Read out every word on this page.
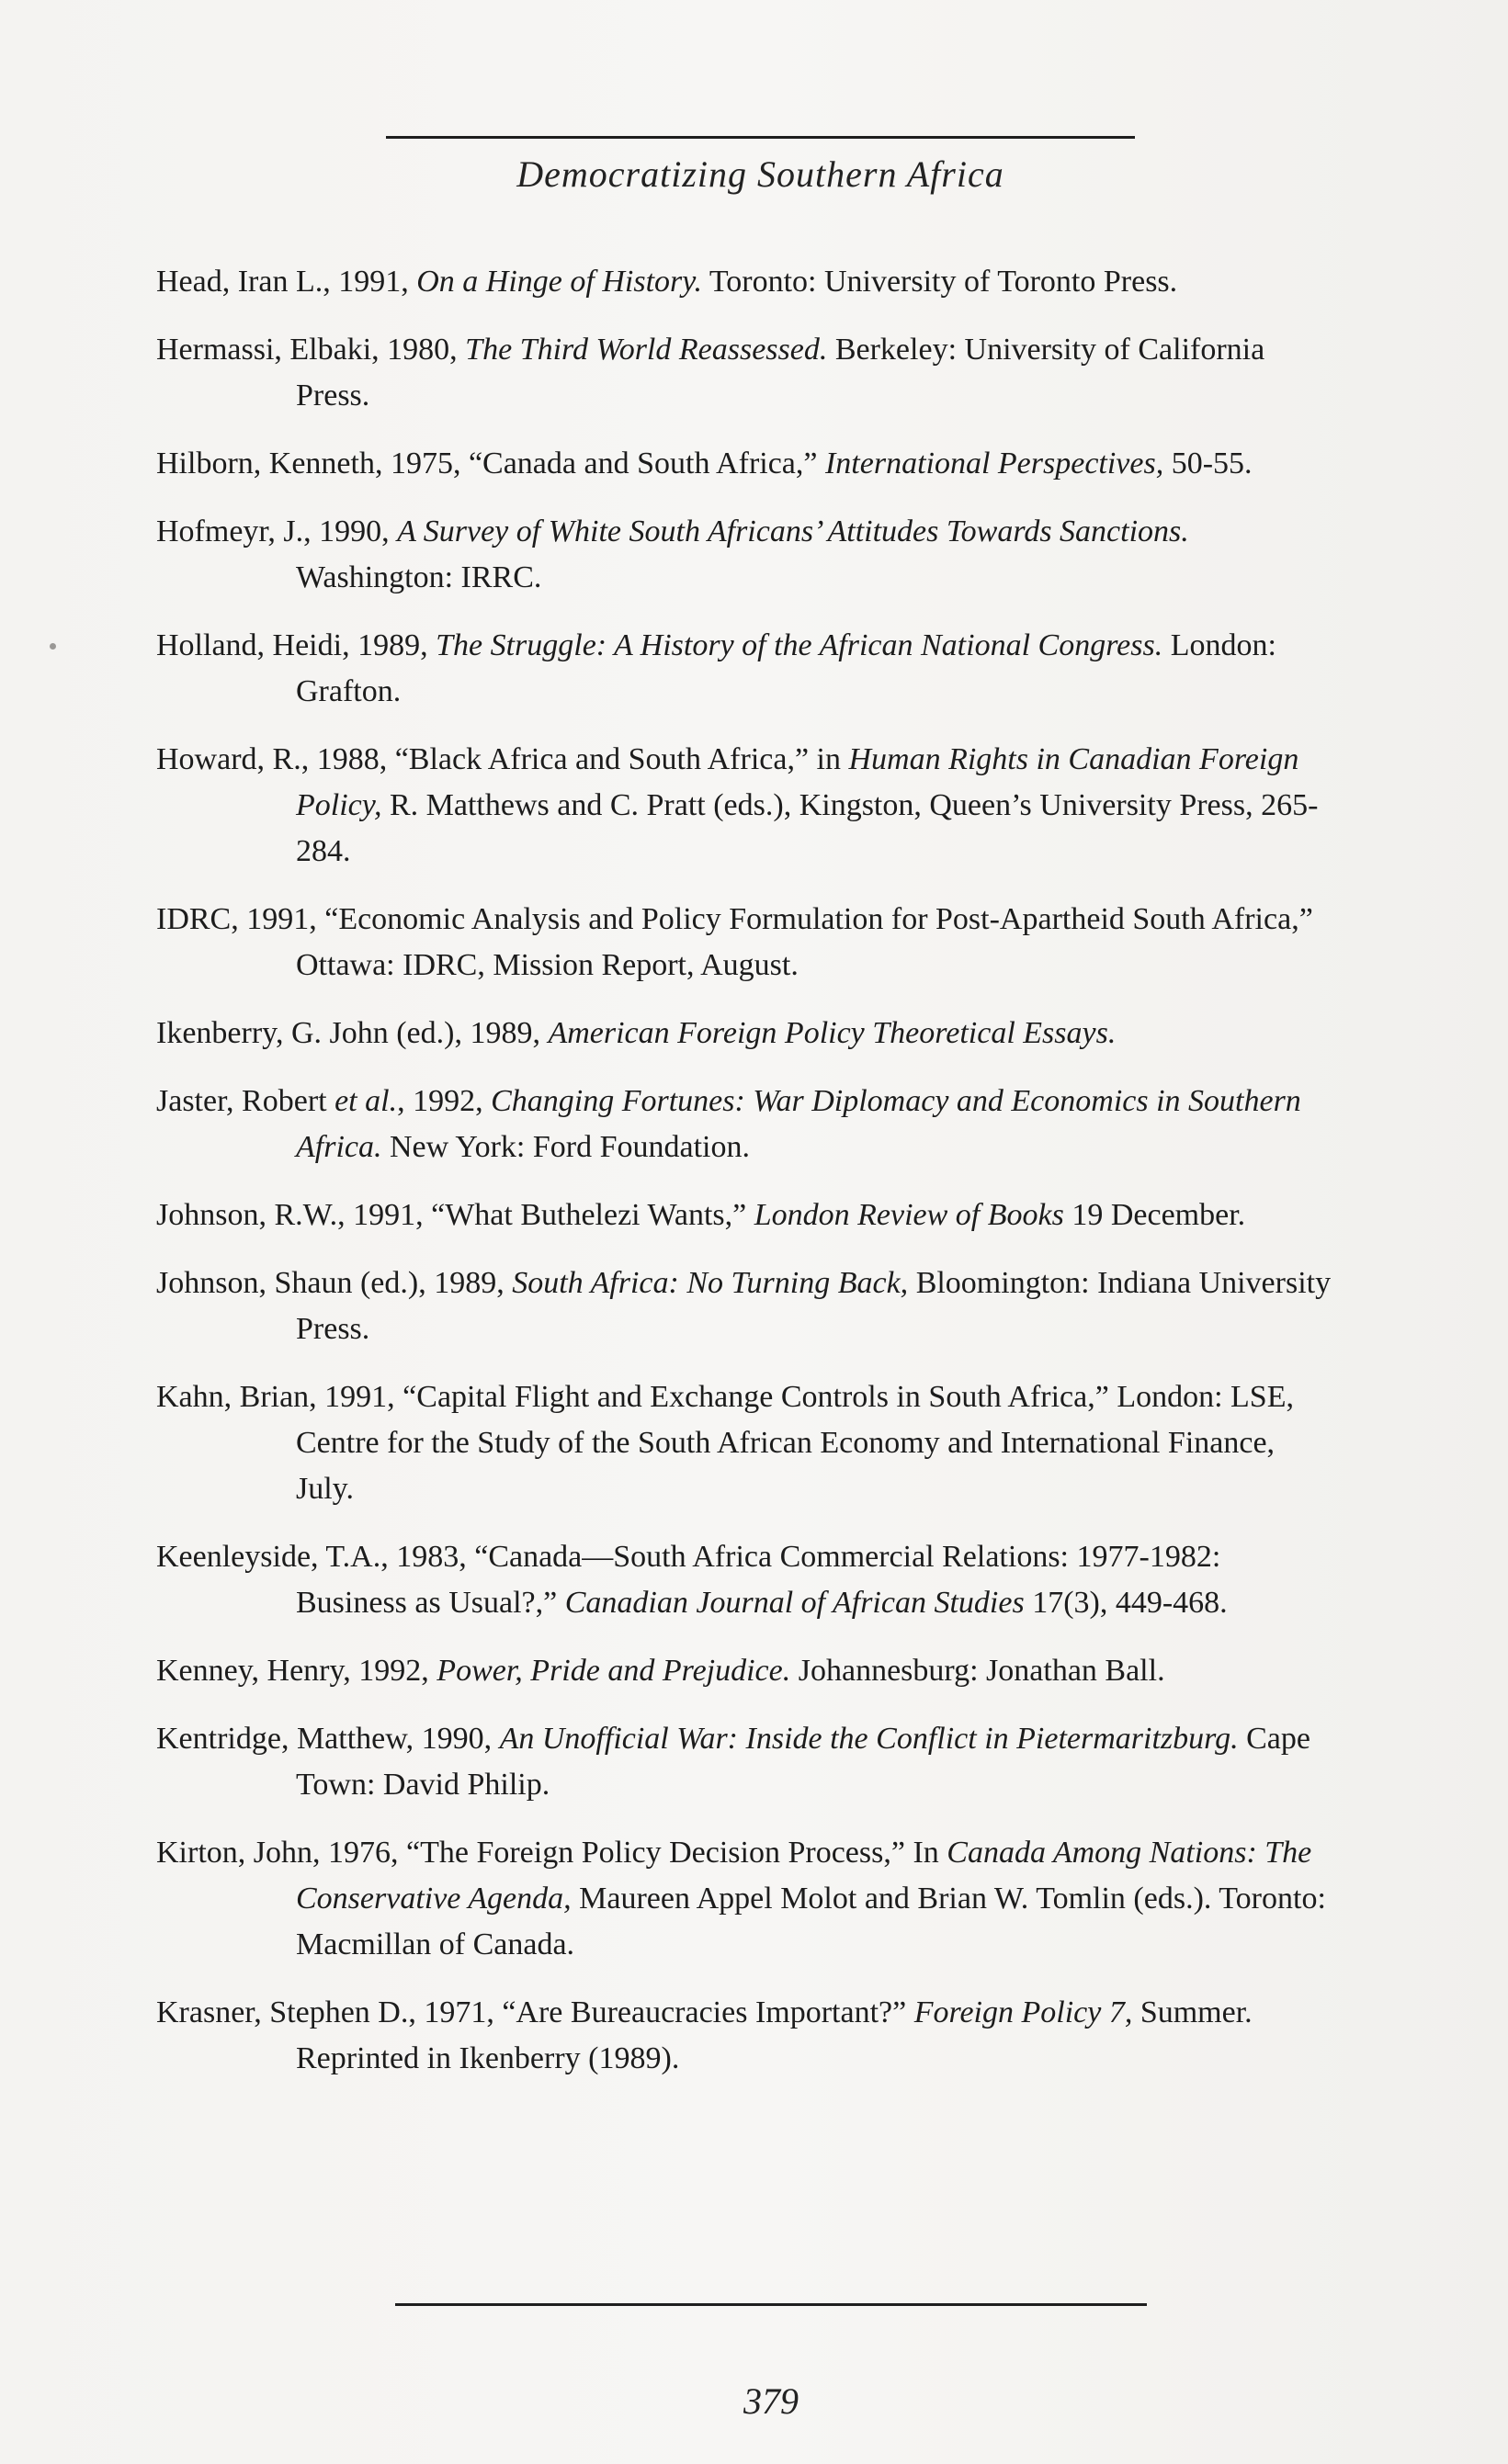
Democratizing Southern Africa
Head, Iran L., 1991, On a Hinge of History. Toronto: University of Toronto Press.
Hermassi, Elbaki, 1980, The Third World Reassessed. Berkeley: University of California Press.
Hilborn, Kenneth, 1975, “Canada and South Africa,” International Perspectives, 50-55.
Hofmeyr, J., 1990, A Survey of White South Africans’ Attitudes Towards Sanctions. Washington: IRRC.
Holland, Heidi, 1989, The Struggle: A History of the African National Congress. London: Grafton.
Howard, R., 1988, “Black Africa and South Africa,” in Human Rights in Canadian Foreign Policy, R. Matthews and C. Pratt (eds.), Kingston, Queen’s University Press, 265-284.
IDRC, 1991, “Economic Analysis and Policy Formulation for Post-Apartheid South Africa,” Ottawa: IDRC, Mission Report, August.
Ikenberry, G. John (ed.), 1989, American Foreign Policy Theoretical Essays.
Jaster, Robert et al., 1992, Changing Fortunes: War Diplomacy and Economics in Southern Africa. New York: Ford Foundation.
Johnson, R.W., 1991, “What Buthelezi Wants,” London Review of Books 19 December.
Johnson, Shaun (ed.), 1989, South Africa: No Turning Back, Bloomington: Indiana University Press.
Kahn, Brian, 1991, “Capital Flight and Exchange Controls in South Africa,” London: LSE, Centre for the Study of the South African Economy and International Finance, July.
Keenleyside, T.A., 1983, “Canada—South Africa Commercial Relations: 1977-1982: Business as Usual?,” Canadian Journal of African Studies 17(3), 449-468.
Kenney, Henry, 1992, Power, Pride and Prejudice. Johannesburg: Jonathan Ball.
Kentridge, Matthew, 1990, An Unofficial War: Inside the Conflict in Pietermaritzburg. Cape Town: David Philip.
Kirton, John, 1976, “The Foreign Policy Decision Process,” In Canada Among Nations: The Conservative Agenda, Maureen Appel Molot and Brian W. Tomlin (eds.). Toronto: Macmillan of Canada.
Krasner, Stephen D., 1971, “Are Bureaucracies Important?” Foreign Policy 7, Summer. Reprinted in Ikenberry (1989).
379
